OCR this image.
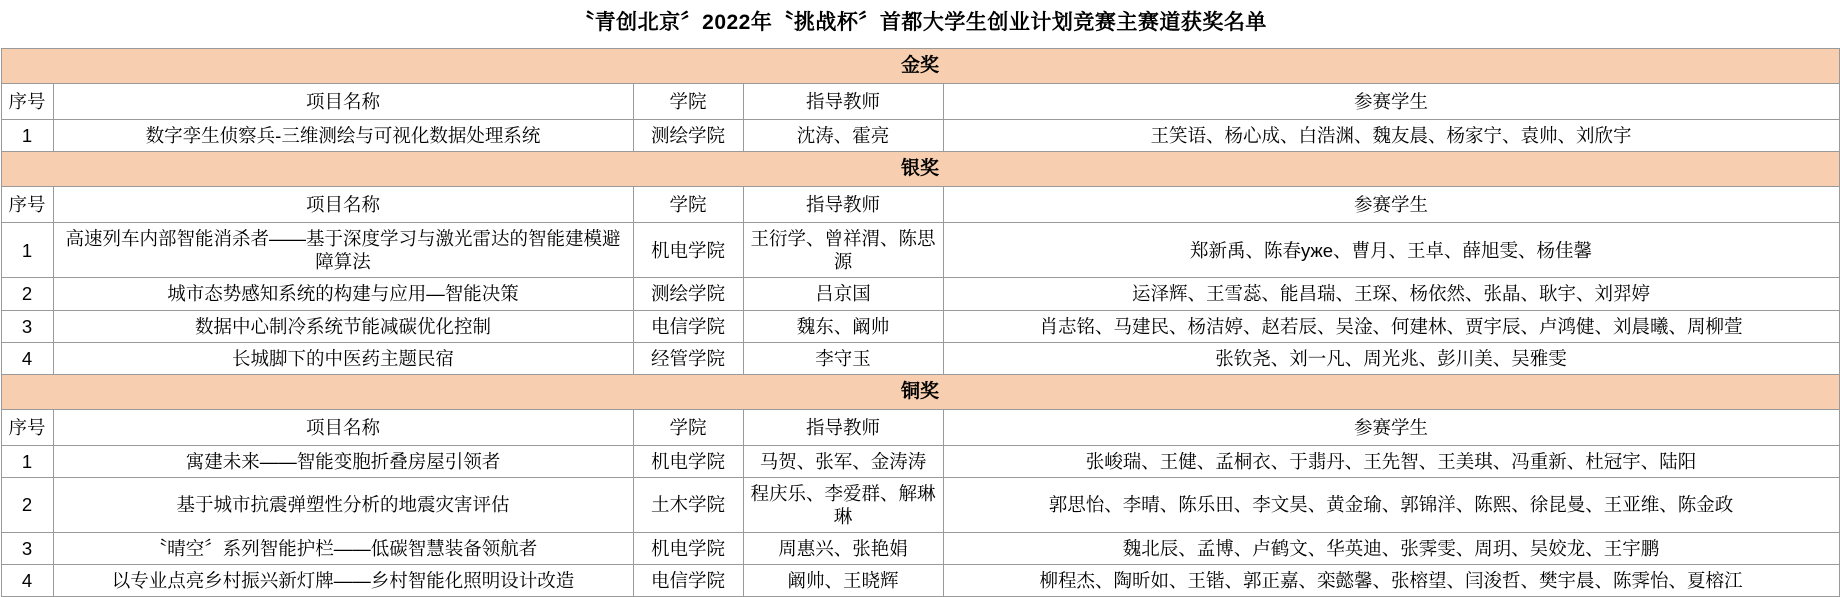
〝青创北京〞2022年〝挑战杯〞首都大学生创业计划竞赛主赛道获奖名单				
金奖				
序号	项目名称	学院	指导教师	参赛学生
1	数字孪生侦察兵-三维测绘与可视化数据处理系统	测绘学院	沈涛、霍亮	王笑语、杨心成、白浩渊、魏友晨、杨家宁、袁帅、刘欣宇
银奖				
序号	项目名称	学院	指导教师	参赛学生
1	高速列车内部智能消杀者——基于深度学习与激光雷达的智能建模避障算法	机电学院	王衍学、曾祥渭、陈思源	郑新禹、陈春уже、曹月、王卓、薛旭雯、杨佳馨
2	城市态势感知系统的构建与应用—智能决策	测绘学院	吕京国	运泽辉、王雪蕊、能昌瑞、王琛、杨依然、张晶、耿宇、刘羿婷
3	数据中心制冷系统节能减碳优化控制	电信学院	魏东、阚帅	肖志铭、马建民、杨洁婷、赵若辰、吴淦、何建林、贾宇辰、卢鸿健、刘晨曦、周柳萱
4	长城脚下的中医药主题民宿	经管学院	李守玉	张钦尧、刘一凡、周光兆、彭川美、吴雅雯
铜奖				
序号	项目名称	学院	指导教师	参赛学生
1	寓建未来——智能变胞折叠房屋引领者	机电学院	马贺、张军、金涛涛	张峻瑞、王健、孟桐衣、于翡丹、王先智、王美琪、冯重新、杜冠宇、陆阳
2	基于城市抗震弹塑性分析的地震灾害评估	土木学院	程庆乐、李爱群、解琳琳	郭思怡、李晴、陈乐田、李文昊、黄金瑜、郭锦洋、陈熙、徐昆曼、王亚维、陈金政
3	〝晴空〞系列智能护栏——低碳智慧装备领航者	机电学院	周惠兴、张艳娟	魏北辰、孟博、卢鹤文、华英迪、张霁雯、周玥、吴姣龙、王宇鹏
4	以专业点亮乡村振兴新灯牌——乡村智能化照明设计改造	电信学院	阚帅、王晓辉	柳程杰、陶昕如、王锴、郭正嘉、栾懿馨、张榕望、闫浚哲、樊宇晨、陈霁怡、夏榕江
